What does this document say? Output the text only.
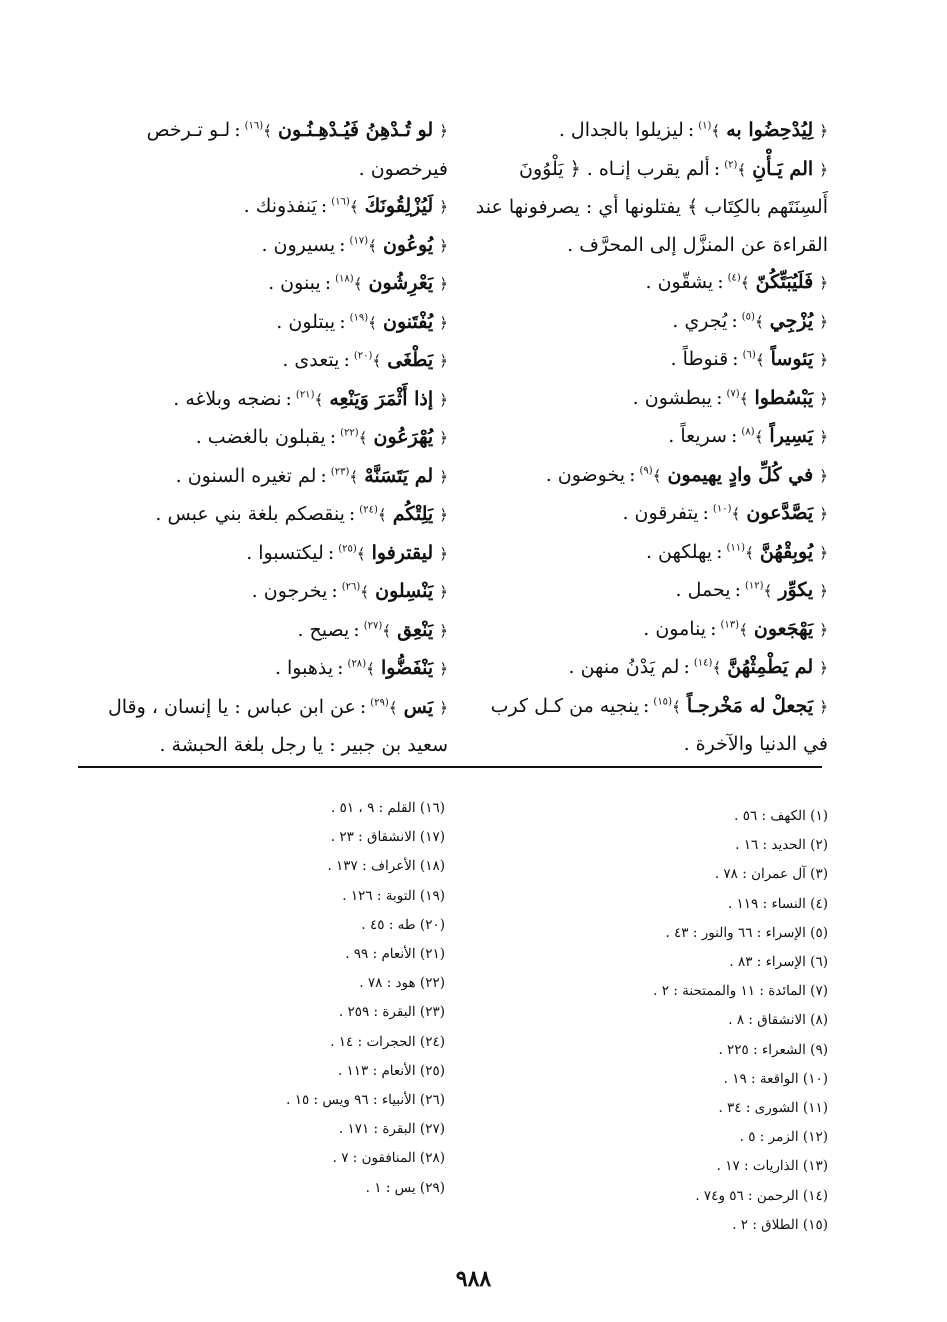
﴿ لِيُدْحِضُوا به ﴾$^{(١)}$:ليزيلوا بالجدال .

﴿ الم يَـأْنِ ﴾$^{(٢)}$:ألم يقرب إنـاه . ﴿ يَلْوُونَ أَلسِنَتَهم بالكِتَاب ﴾ يفتلونها أي : يصرفونها عند القراءة عن المنزَّل إلى المحرَّف .

﴿ فَلَيُبَتِّكُنّ ﴾$^{(٤)}$:يشقّون .

﴿ يُزْجِي ﴾$^{(٥)}$:يُجري .

﴿ يَئوساً ﴾$^{(٦)}$:قنوطاً .

﴿ يَبْسُطوا ﴾$^{(٧)}$:يبطشون .

﴿ يَسِيراً ﴾$^{(٨)}$:سريعاً .

﴿ في كُلِّ وادٍ يهيمون ﴾$^{(٩)}$:يخوضون .

﴿ يَصَّدَّعون ﴾$^{(١٠)}$:يتفرقون .

﴿ يُوبِقْهُنَّ ﴾$^{(١١)}$:يهلكهن .

﴿ يكوِّر ﴾$^{(١٢)}$:يحمل .

﴿ يَهْجَعون ﴾$^{(١٣)}$:ينامون .

﴿ لم يَطْمِثْهُنَّ ﴾$^{(١٤)}$:لم يَدْنُ منهن .

﴿ يَجعلْ له مَخْرجـاً ﴾$^{(١٥)}$:ينجيه من كـل كرب في الدنيا والآخرة .

﴿ لو تُـدْهِنُ فَيُـدْهِـنُـون ﴾$^{(١٦)}$:لـو تـرخص فيرخصون .

﴿ لَيُزْلِقُونَكَ ﴾$^{(١٦)}$:يَنفذونك .

﴿ يُوعُون ﴾$^{(١٧)}$:يسيرون .

﴿ يَعْرِشُون ﴾$^{(١٨)}$:يبنون .

﴿ يُفْتَنون ﴾$^{(١٩)}$:يبتلون .

﴿ يَطْغَى ﴾$^{(٢٠)}$:يتعدى .

﴿ إذا أَثْمَرَ وَيَنْعِه ﴾$^{(٢١)}$:نضجه وبلاغه .

﴿ يُهْرَعُون ﴾$^{(٢٢)}$:يقبلون بالغضب .

﴿ لم يَتَسَنَّهْ ﴾$^{(٢٣)}$:لم تغيره السنون .

﴿ يَلِتْكُم ﴾$^{(٢٤)}$:ينقصكم بلغة بني عبس .

﴿ ليقترفوا ﴾$^{(٢٥)}$:ليكتسبوا .

﴿ يَنْسِلون ﴾$^{(٢٦)}$:يخرجون .

﴿ يَنْعِق ﴾$^{(٢٧)}$:يصيح .

﴿ يَنْفَضُّوا ﴾$^{(٢٨)}$:يذهبوا .

﴿ يَس ﴾$^{(٢٩)}$:عن ابن عباس : يا إنسان ، وقال سعيد بن جبير : يا رجل بلغة الحبشة .

(١) الكهف : ٥٦ .

(٢) الحديد : ١٦ .

(٣) آل عمران : ٧٨ .

(٤) النساء : ١١٩ .

(٥) الإسراء : ٦٦ والنور : ٤٣ .

(٦) الإسراء : ٨٣ .

(٧) المائدة : ١١ والممتحنة : ٢ .

(٨) الانشقاق : ٨ .

(٩) الشعراء : ٢٢٥ .

(١٠) الواقعة : ١٩ .

(١١) الشورى : ٣٤ .

(١٢) الزمر : ٥ .

(١٣) الذاريات : ١٧ .

(١٤) الرحمن : ٥٦ و٧٤ .

(١٥) الطلاق : ٢ .

(١٦) القلم : ٩ ، ٥١ .

(١٧) الانشقاق : ٢٣ .

(١٨) الأعراف : ١٣٧ .

(١٩) التوبة : ١٢٦ .

(٢٠) طه : ٤٥ .

(٢١) الأنعام : ٩٩ .

(٢٢) هود : ٧٨ .

(٢٣) البقرة : ٢٥٩ .

(٢٤) الحجرات : ١٤ .

(٢٥) الأنعام : ١١٣ .

(٢٦) الأنبياء : ٩٦ ويس : ١٥ .

(٢٧) البقرة : ١٧١ .

(٢٨) المنافقون : ٧ .

(٢٩) يس : ١ .

٩٨٨
